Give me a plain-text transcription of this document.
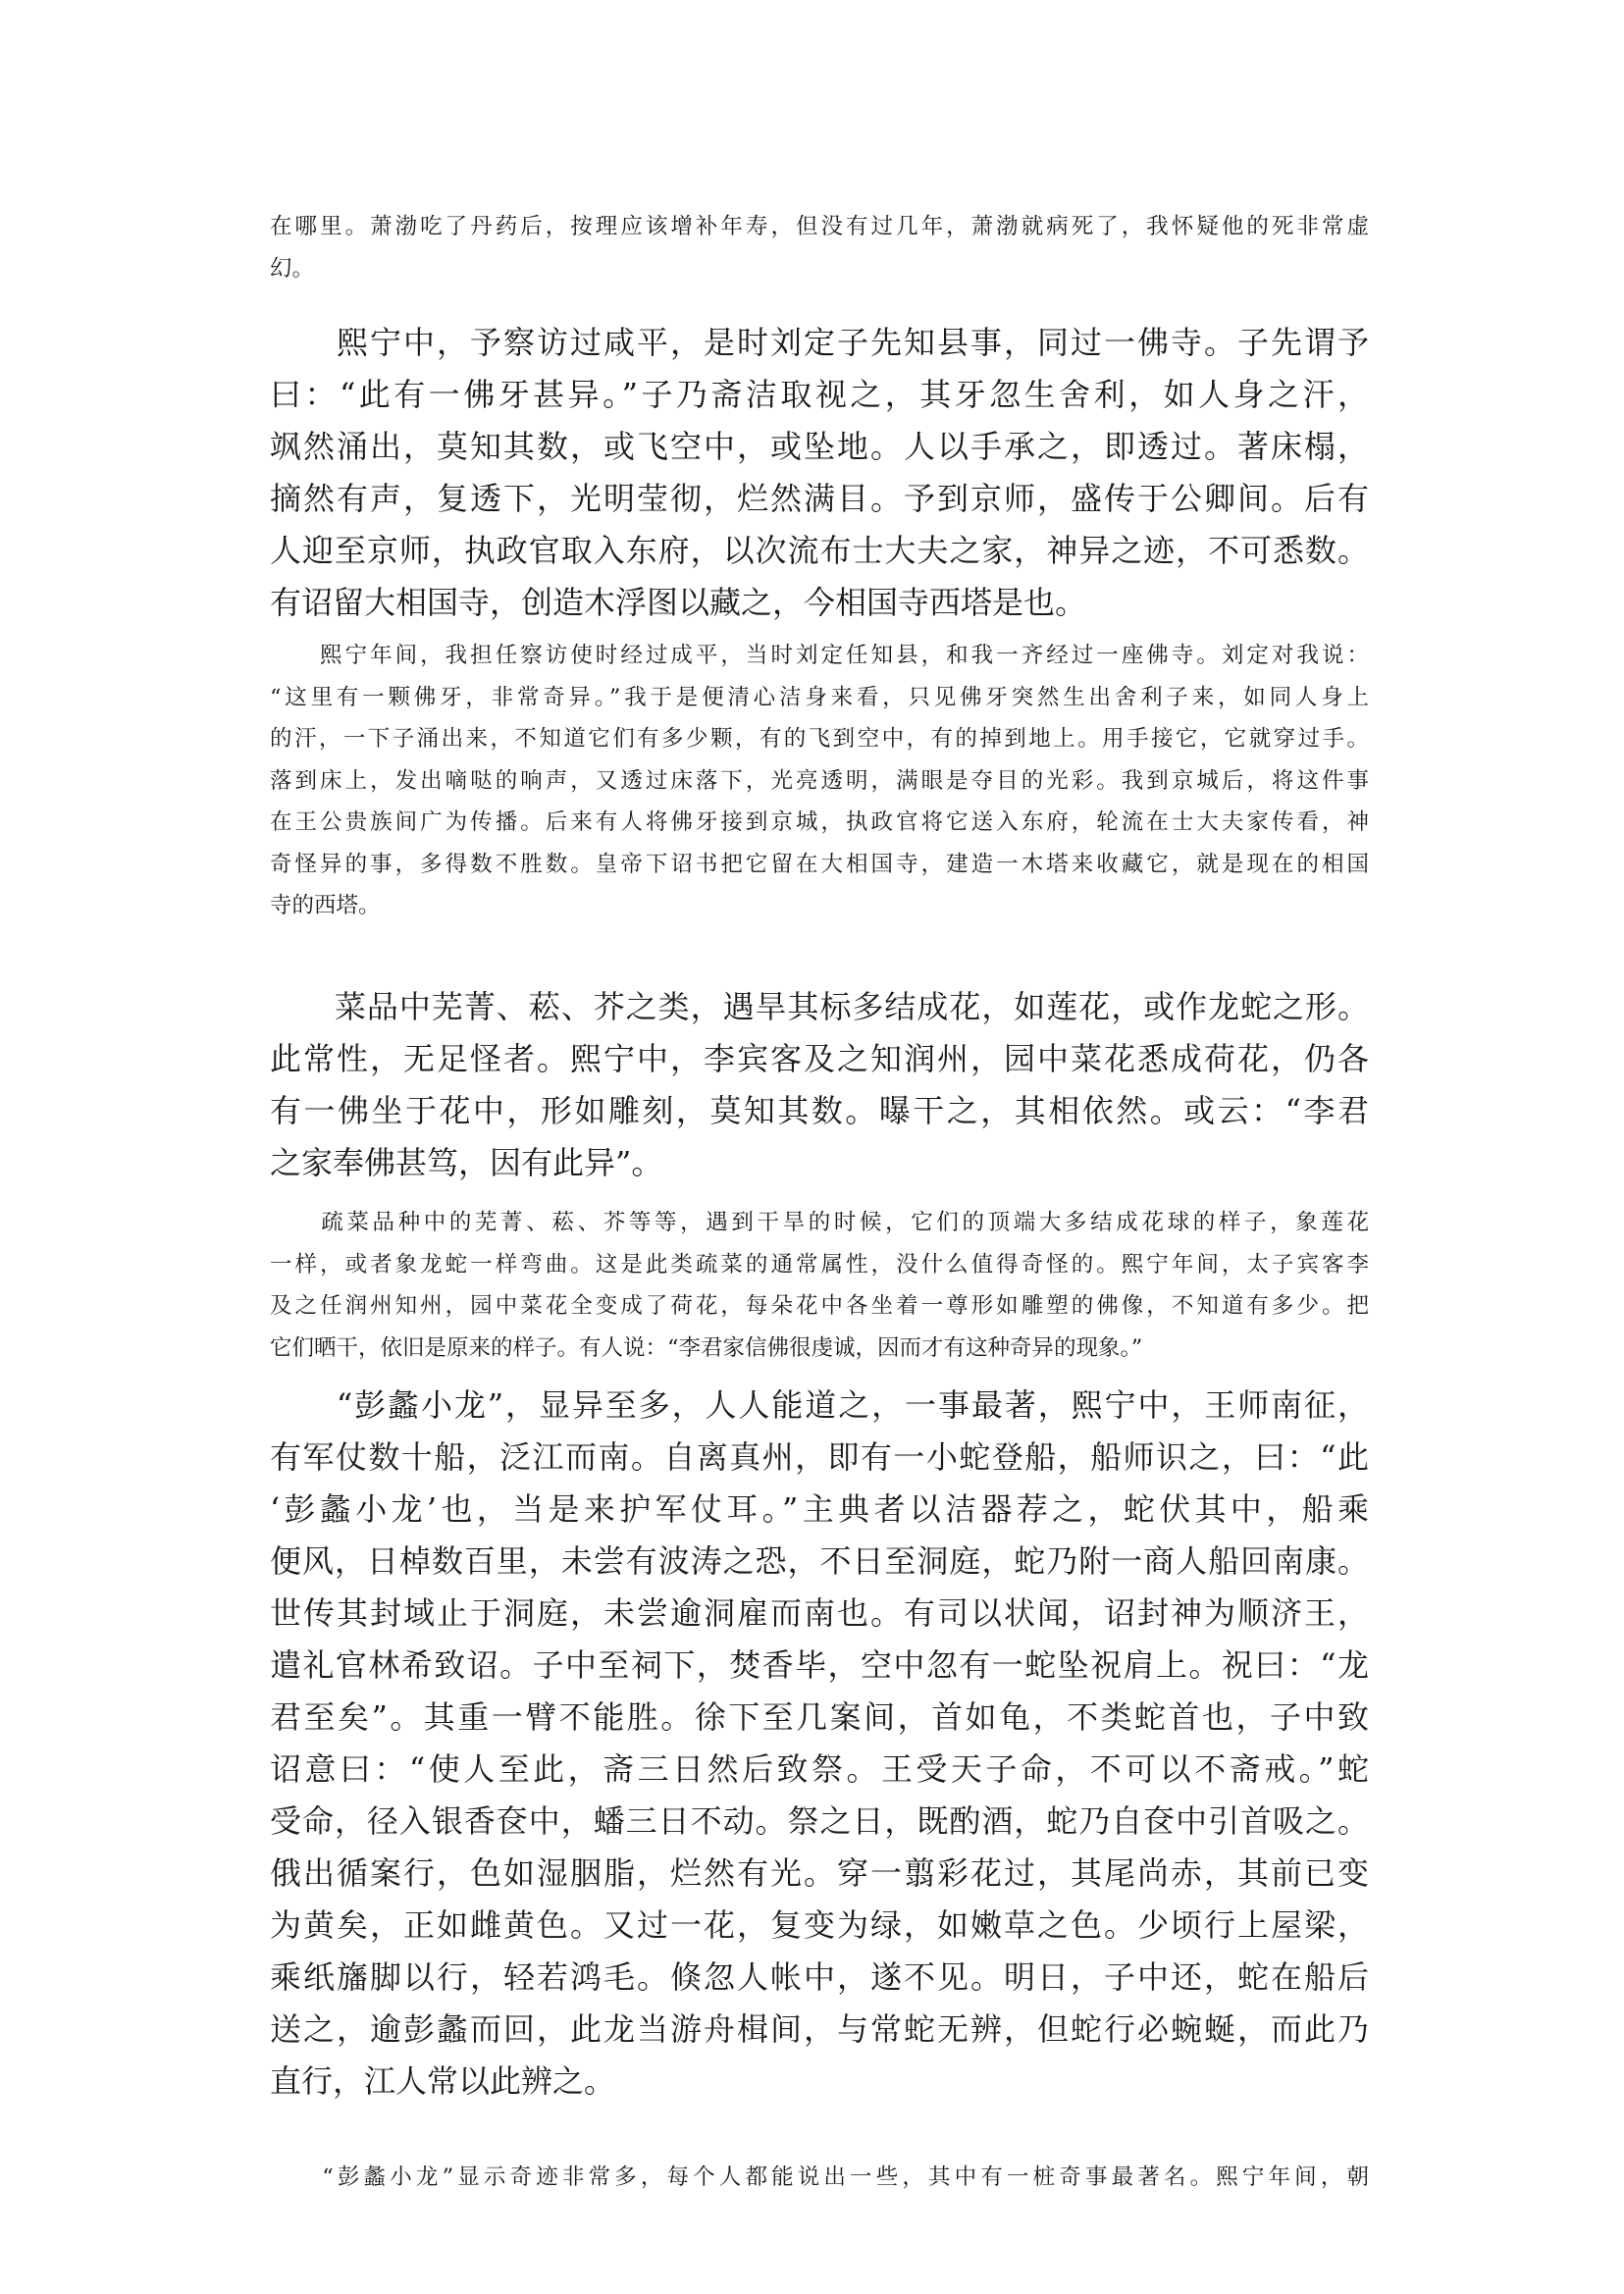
在哪里。萧渤吃了丹药后，按理应该增补年寿，但没有过几年，萧渤就病死了，我怀疑他的死非常虚
幻。
　　熙宁中，予察访过咸平，是时刘定子先知县事，同过一佛寺。子先谓予
曰：“此有一佛牙甚异。”子乃斋洁取视之，其牙忽生舍利，如人身之汗，
飒然涌出，莫知其数，或飞空中，或坠地。人以手承之，即透过。著床榻，
摘然有声，复透下，光明莹彻，烂然满目。予到京师，盛传于公卿间。后有
人迎至京师，执政官取入东府，以次流布士大夫之家，神异之迹，不可悉数。
有诏留大相国寺，创造木浮图以藏之，今相国寺西塔是也。
　　熙宁年间，我担任察访使时经过成平，当时刘定任知县，和我一齐经过一座佛寺。刘定对我说：
“这里有一颗佛牙，非常奇异。”我于是便清心洁身来看，只见佛牙突然生出舍利子来，如同人身上
的汗，一下子涌出来，不知道它们有多少颗，有的飞到空中，有的掉到地上。用手接它，它就穿过手。
落到床上，发出嘀哒的响声，又透过床落下，光亮透明，满眼是夺目的光彩。我到京城后，将这件事
在王公贵族间广为传播。后来有人将佛牙接到京城，执政官将它送入东府，轮流在士大夫家传看，神
奇怪异的事，多得数不胜数。皇帝下诏书把它留在大相国寺，建造一木塔来收藏它，就是现在的相国
寺的西塔。
　　菜品中芜菁、菘、芥之类，遇旱其标多结成花，如莲花，或作龙蛇之形。
此常性，无足怪者。熙宁中，李宾客及之知润州，园中菜花悉成荷花，仍各
有一佛坐于花中，形如雕刻，莫知其数。曝干之，其相依然。或云：“李君
之家奉佛甚笃，因有此异”。
　　疏菜品种中的芜菁、菘、芥等等，遇到干旱的时候，它们的顶端大多结成花球的样子，象莲花
一样，或者象龙蛇一样弯曲。这是此类疏菜的通常属性，没什么值得奇怪的。熙宁年间，太子宾客李
及之任润州知州，园中菜花全变成了荷花，每朵花中各坐着一尊形如雕塑的佛像，不知道有多少。把
它们晒干，依旧是原来的样子。有人说：“李君家信佛很虔诚，因而才有这种奇异的现象。”
　　“彭蠡小龙”，显异至多，人人能道之，一事最著，熙宁中，王师南征，
有军仗数十船，泛江而南。自离真州，即有一小蛇登船，船师识之，曰：“此
‘彭蠡小龙’也，当是来护军仗耳。”主典者以洁器荐之，蛇伏其中，船乘
便风，日棹数百里，未尝有波涛之恐，不日至洞庭，蛇乃附一商人船回南康。
世传其封域止于洞庭，未尝逾洞雇而南也。有司以状闻，诏封神为顺济王，
遣礼官林希致诏。子中至祠下，焚香毕，空中忽有一蛇坠祝肩上。祝曰：“龙
君至矣”。其重一臂不能胜。徐下至几案间，首如龟，不类蛇首也，子中致
诏意曰：“使人至此，斋三日然后致祭。王受天子命，不可以不斋戒。”蛇
受命，径入银香奁中，蟠三日不动。祭之日，既酌酒，蛇乃自奁中引首吸之。
俄出循案行，色如湿胭脂，烂然有光。穿一翦彩花过，其尾尚赤，其前已变
为黄矣，正如雌黄色。又过一花，复变为绿，如嫩草之色。少顷行上屋梁，
乘纸旛脚以行，轻若鸿毛。倏忽人帐中，遂不见。明日，子中还，蛇在船后
送之，逾彭蠡而回，此龙当游舟楫间，与常蛇无辨，但蛇行必蜿蜒，而此乃
直行，江人常以此辨之。
　　“彭蠡小龙”显示奇迹非常多，每个人都能说出一些，其中有一桩奇事最著名。熙宁年间，朝
